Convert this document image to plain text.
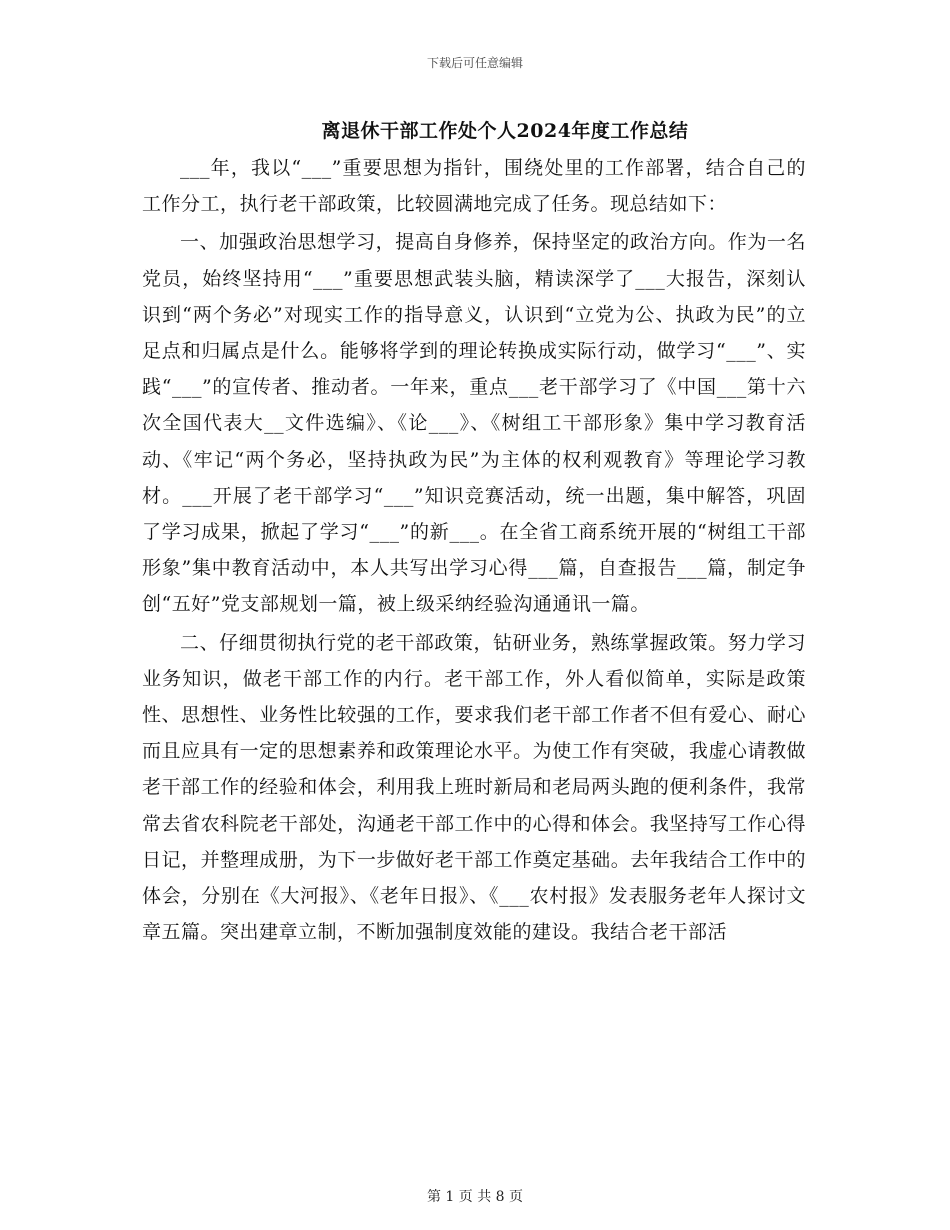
下载后可任意编辑
离退休干部工作处个人2024年度工作总结

___年，我以“___”重要思想为指针，围绕处里的工作部署，结合自己的工作分工，执行老干部政策，比较圆满地完成了任务。现总结如下：

一、加强政治思想学习，提高自身修养，保持坚定的政治方向。作为一名党员，始终坚持用“___”重要思想武装头脑，精读深学了___大报告，深刻认识到“两个务必”对现实工作的指导意义，认识到“立党为公、执政为民”的立足点和归属点是什么。能够将学到的理论转换成实际行动，做学习“___”、实践“___”的宣传者、推动者。一年来，重点___老干部学习了《中国___第十六次全国代表大__文件选编》、《论___》、《树组工干部形象》集中学习教育活动、《牢记“两个务必，坚持执政为民”为主体的权利观教育》等理论学习教材。___开展了老干部学习“___”知识竞赛活动，统一出题，集中解答，巩固了学习成果，掀起了学习“___”的新___。在全省工商系统开展的“树组工干部形象”集中教育活动中，本人共写出学习心得___篇，自查报告___篇，制定争创“五好”党支部规划一篇，被上级采纳经验沟通通讯一篇。

二、仔细贯彻执行党的老干部政策，钻研业务，熟练掌握政策。努力学习业务知识，做老干部工作的内行。老干部工作，外人看似简单，实际是政策性、思想性、业务性比较强的工作，要求我们老干部工作者不但有爱心、耐心而且应具有一定的思想素养和政策理论水平。为使工作有突破，我虚心请教做老干部工作的经验和体会，利用我上班时新局和老局两头跑的便利条件，我常常去省农科院老干部处，沟通老干部工作中的心得和体会。我坚持写工作心得日记，并整理成册，为下一步做好老干部工作奠定基础。去年我结合工作中的体会，分别在《大河报》、《老年日报》、《___农村报》发表服务老年人探讨文章五篇。突出建章立制，不断加强制度效能的建设。我结合老干部活

第 1 页 共 8 页
